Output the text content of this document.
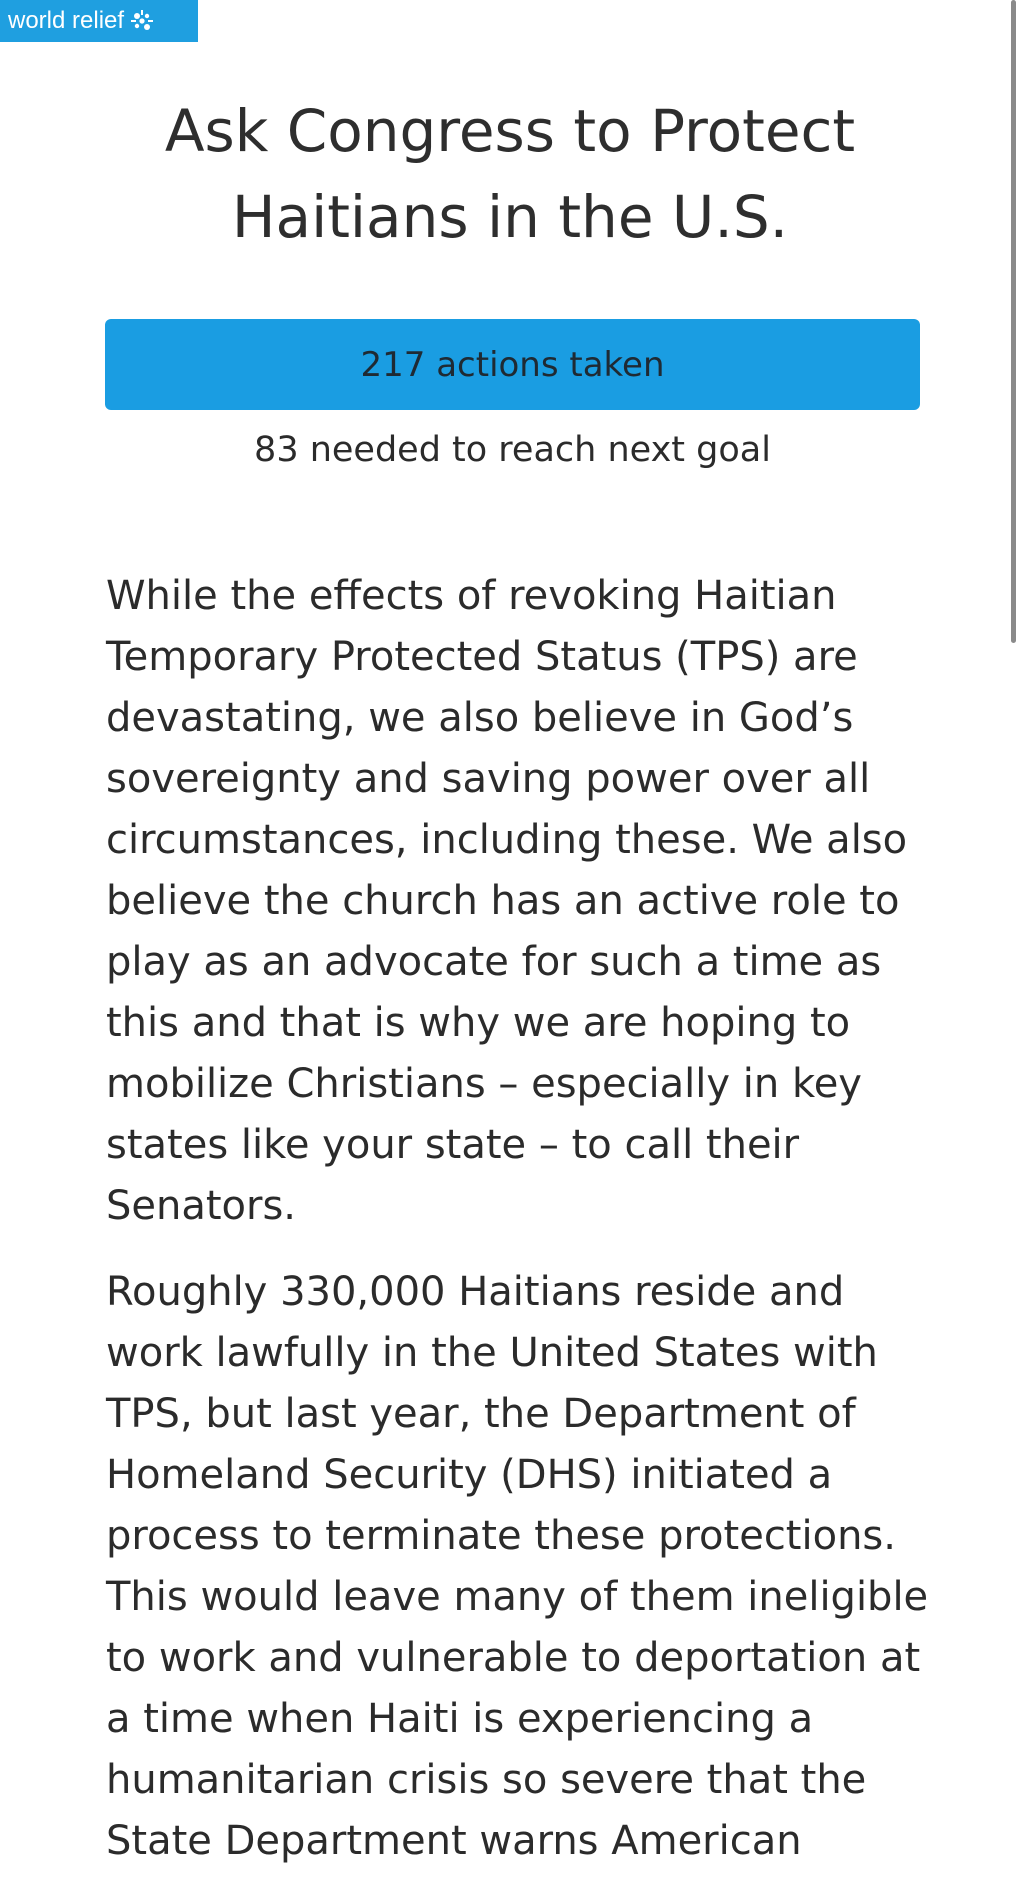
world relief
Ask Congress to Protect Haitians in the U.S.
217 actions taken
83 needed to reach next goal

While the effects of revoking Haitian Temporary Protected Status (TPS) are devastating, we also believe in God’s sovereignty and saving power over all circumstances, including these. We also believe the church has an active role to play as an advocate for such a time as this and that is why we are hoping to mobilize Christians – especially in key states like your state – to call their Senators.

Roughly 330,000 Haitians reside and work lawfully in the United States with TPS, but last year, the Department of Homeland Security (DHS) initiated a process to terminate these protections. This would leave many of them ineligible to work and vulnerable to deportation at a time when Haiti is experiencing a humanitarian crisis so severe that the State Department warns American
